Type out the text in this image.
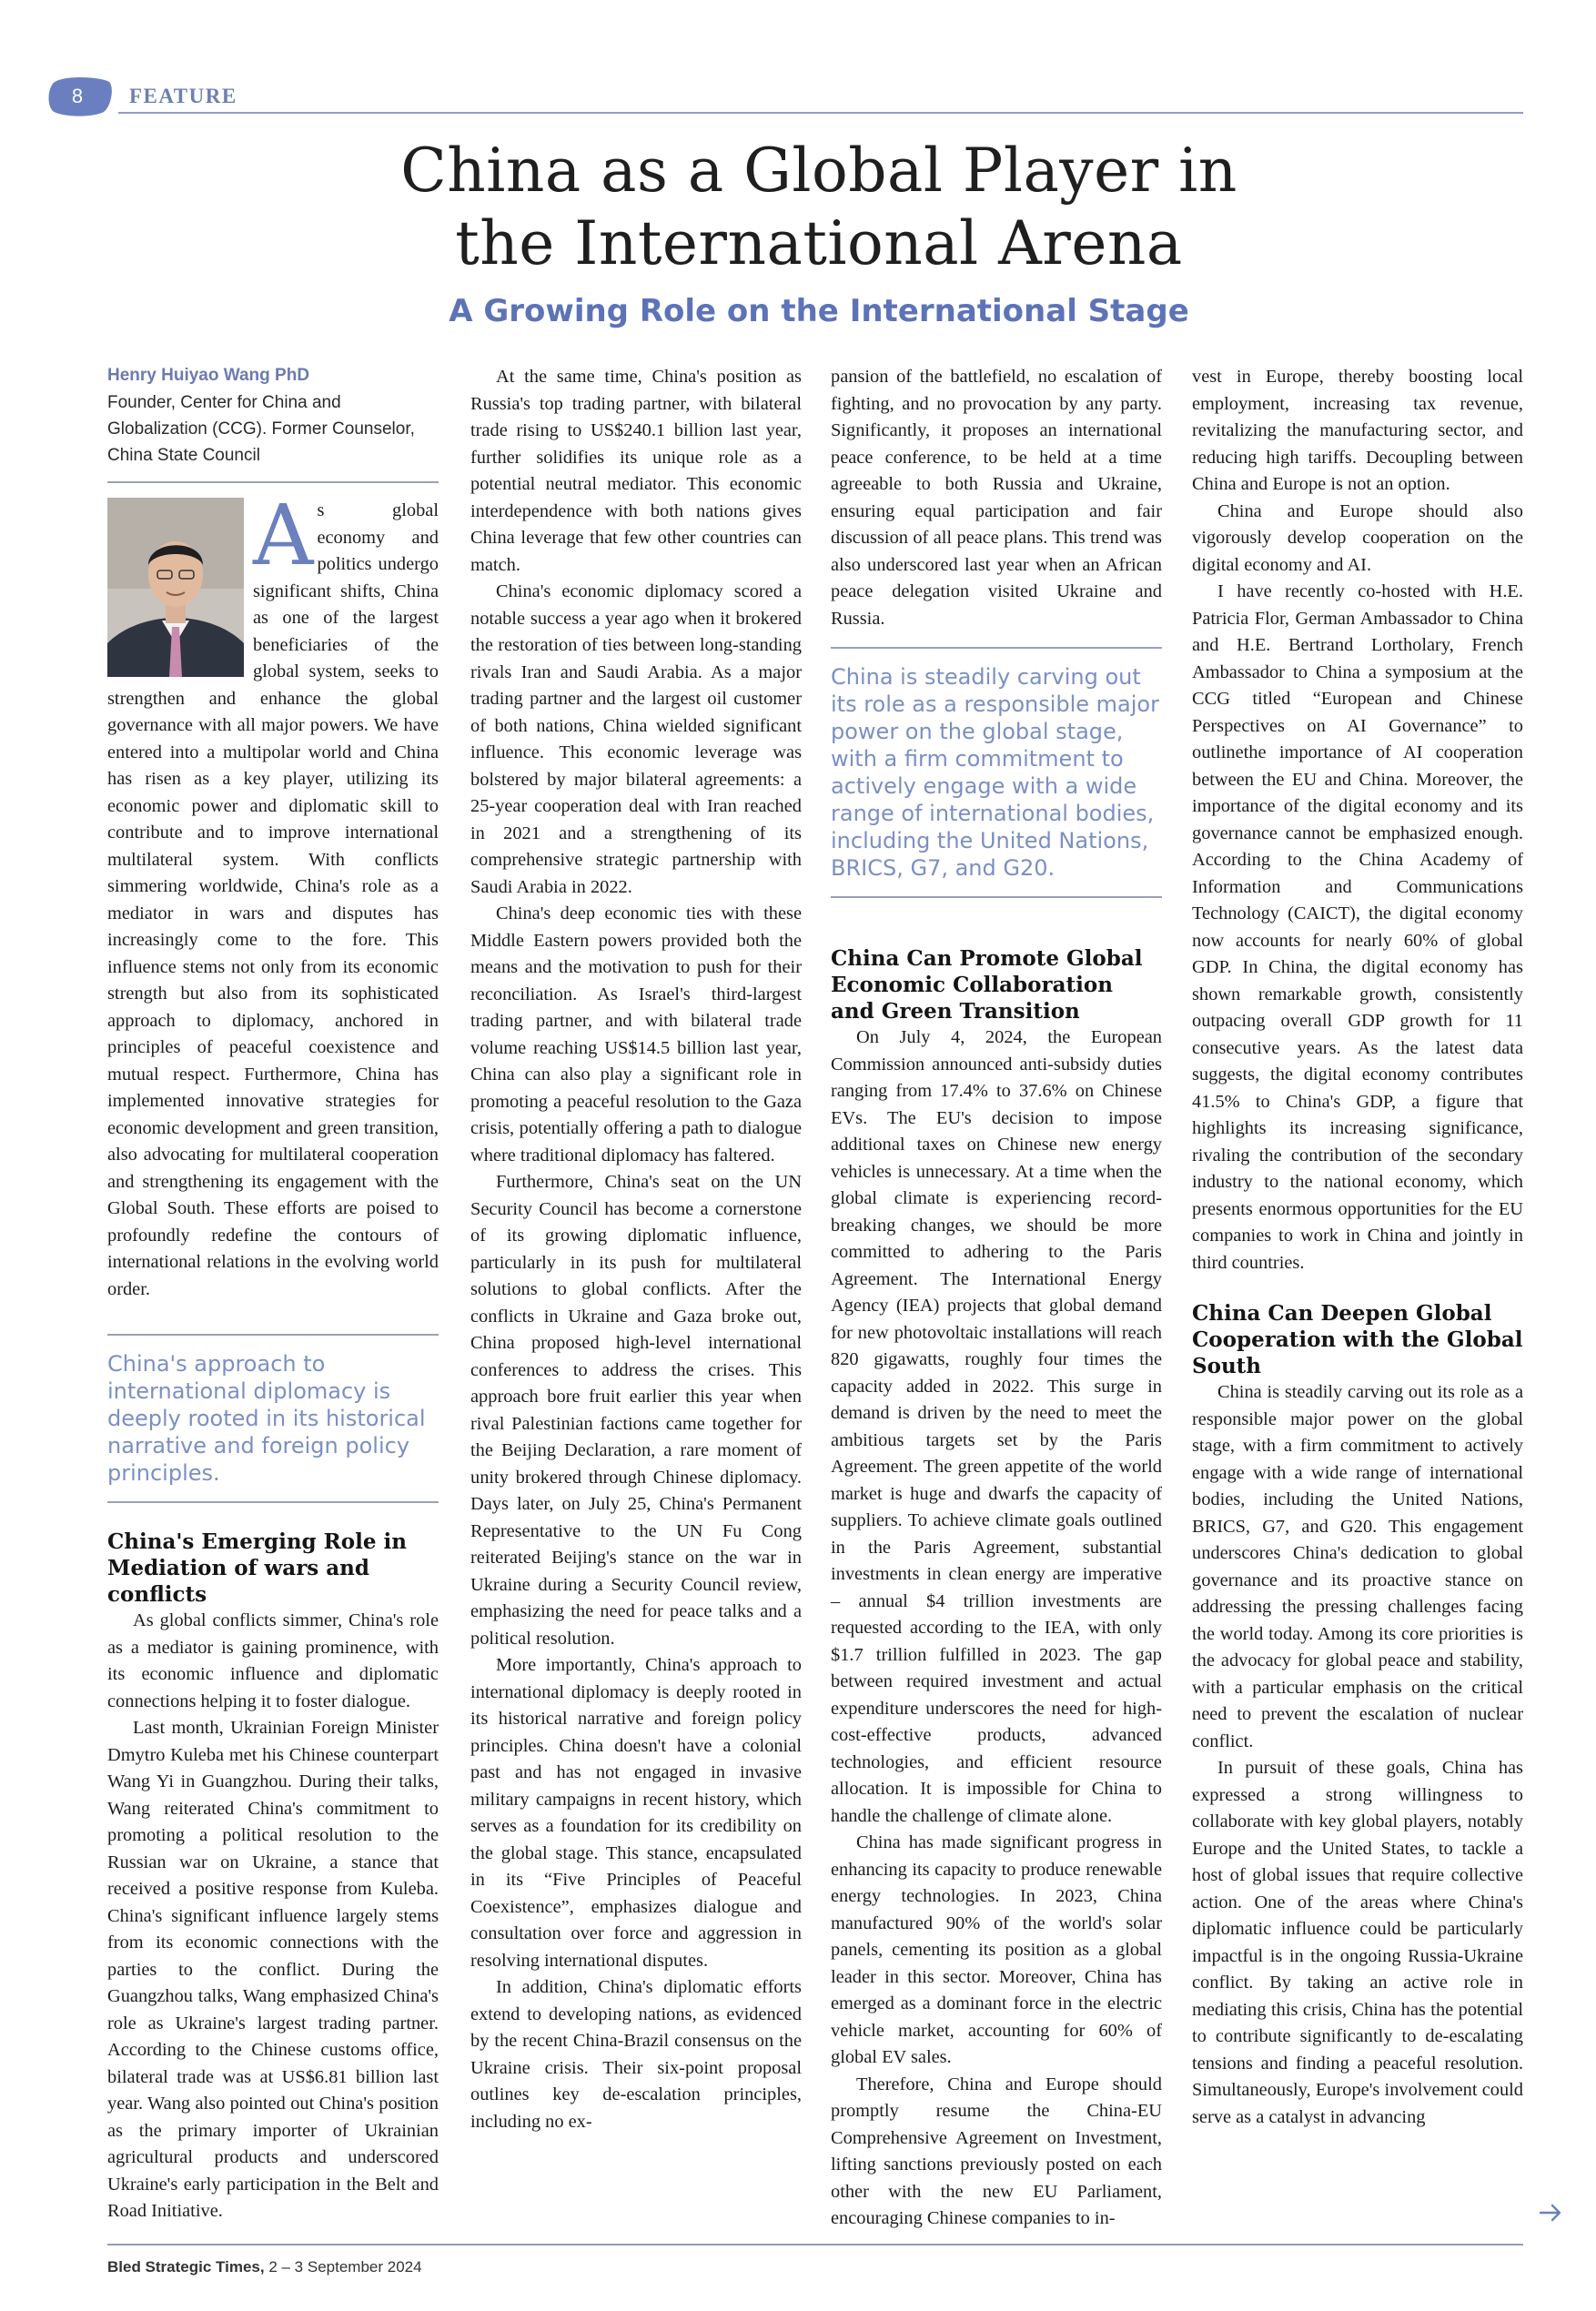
8	FEATURE
China as a Global Player in
the International Arena
A Growing Role on the International Stage
Henry Huiyao Wang PhD
Founder, Center for China and Globalization (CCG). Former Counselor, China State Council

As global economy and politics undergo significant shifts, China as one of the largest beneficiaries of the global system, seeks to strengthen and enhance the global governance with all major powers. We have entered into a multipolar world and China has risen as a key player, utilizing its economic power and diplomatic skill to contribute and to improve international multilateral system. With conflicts simmering worldwide, China's role as a mediator in wars and disputes has increasingly come to the fore. This influence stems not only from its economic strength but also from its sophisticated approach to diplomacy, anchored in principles of peaceful coexistence and mutual respect. Furthermore, China has implemented innovative strategies for economic development and green transition, also advocating for multilateral cooperation and strengthening its engagement with the Global South. These efforts are poised to profoundly redefine the contours of international relations in the evolving world order.

China's approach to international diplomacy is deeply rooted in its historical narrative and foreign policy principles.
China's Emerging Role in Mediation of wars and conflicts

As global conflicts simmer, China's role as a mediator is gaining prominence, with its economic influence and diplomatic connections helping it to foster dialogue.

Last month, Ukrainian Foreign Minister Dmytro Kuleba met his Chinese counterpart Wang Yi in Guangzhou. During their talks, Wang reiterated China's commitment to promoting a political resolution to the Russian war on Ukraine, a stance that received a positive response from Kuleba. China's significant influence largely stems from its economic connections with the parties to the conflict. During the Guangzhou talks, Wang emphasized China's role as Ukraine's largest trading partner. According to the Chinese customs office, bilateral trade was at US$6.81 billion last year. Wang also pointed out China's position as the primary importer of Ukrainian agricultural products and underscored Ukraine's early participation in the Belt and Road Initiative.

At the same time, China's position as Russia's top trading partner, with bilateral trade rising to US$240.1 billion last year, further solidifies its unique role as a potential neutral mediator. This economic interdependence with both nations gives China leverage that few other countries can match.

China's economic diplomacy scored a notable success a year ago when it brokered the restoration of ties between long-standing rivals Iran and Saudi Arabia. As a major trading partner and the largest oil customer of both nations, China wielded significant influence. This economic leverage was bolstered by major bilateral agreements: a 25-year cooperation deal with Iran reached in 2021 and a strengthening of its comprehensive strategic partnership with Saudi Arabia in 2022.

China's deep economic ties with these Middle Eastern powers provided both the means and the motivation to push for their reconciliation. As Israel's third-largest trading partner, and with bilateral trade volume reaching US$14.5 billion last year, China can also play a significant role in promoting a peaceful resolution to the Gaza crisis, potentially offering a path to dialogue where traditional diplomacy has faltered.

Furthermore, China's seat on the UN Security Council has become a cornerstone of its growing diplomatic influence, particularly in its push for multilateral solutions to global conflicts. After the conflicts in Ukraine and Gaza broke out, China proposed high-level international conferences to address the crises. This approach bore fruit earlier this year when rival Palestinian factions came together for the Beijing Declaration, a rare moment of unity brokered through Chinese diplomacy. Days later, on July 25, China's Permanent Representative to the UN Fu Cong reiterated Beijing's stance on the war in Ukraine during a Security Council review, emphasizing the need for peace talks and a political resolution.

More importantly, China's approach to international diplomacy is deeply rooted in its historical narrative and foreign policy principles. China doesn't have a colonial past and has not engaged in invasive military campaigns in recent history, which serves as a foundation for its credibility on the global stage. This stance, encapsulated in its “Five Principles of Peaceful Coexistence”, emphasizes dialogue and consultation over force and aggression in resolving international disputes.

In addition, China's diplomatic efforts extend to developing nations, as evidenced by the recent China-Brazil consensus on the Ukraine crisis. Their six-point proposal outlines key de-escalation principles, including no ex-

pansion of the battlefield, no escalation of fighting, and no provocation by any party. Significantly, it proposes an international peace conference, to be held at a time agreeable to both Russia and Ukraine, ensuring equal participation and fair discussion of all peace plans. This trend was also underscored last year when an African peace delegation visited Ukraine and Russia.

China is steadily carving out its role as a responsible major power on the global stage, with a firm commitment to actively engage with a wide range of international bodies, including the United Nations, BRICS, G7, and G20.
China Can Promote Global Economic Collaboration and Green Transition

On July 4, 2024, the European Commission announced anti-subsidy duties ranging from 17.4% to 37.6% on Chinese EVs. The EU's decision to impose additional taxes on Chinese new energy vehicles is unnecessary. At a time when the global climate is experiencing record-breaking changes, we should be more committed to adhering to the Paris Agreement. The International Energy Agency (IEA) projects that global demand for new photovoltaic installations will reach 820 gigawatts, roughly four times the capacity added in 2022. This surge in demand is driven by the need to meet the ambitious targets set by the Paris Agreement. The green appetite of the world market is huge and dwarfs the capacity of suppliers. To achieve climate goals outlined in the Paris Agreement, substantial investments in clean energy are imperative – annual $4 trillion investments are requested according to the IEA, with only $1.7 trillion fulfilled in 2023. The gap between required investment and actual expenditure underscores the need for high-cost-effective products, advanced technologies, and efficient resource allocation. It is impossible for China to handle the challenge of climate alone.

China has made significant progress in enhancing its capacity to produce renewable energy technologies. In 2023, China manufactured 90% of the world's solar panels, cementing its position as a global leader in this sector. Moreover, China has emerged as a dominant force in the electric vehicle market, accounting for 60% of global EV sales.

Therefore, China and Europe should promptly resume the China-EU Comprehensive Agreement on Investment, lifting sanctions previously posted on each other with the new EU Parliament, encouraging Chinese companies to in-

vest in Europe, thereby boosting local employment, increasing tax revenue, revitalizing the manufacturing sector, and reducing high tariffs. Decoupling between China and Europe is not an option.

China and Europe should also vigorously develop cooperation on the digital economy and AI.

I have recently co-hosted with H.E. Patricia Flor, German Ambassador to China and H.E. Bertrand Lortholary, French Ambassador to China a symposium at the CCG titled “European and Chinese Perspectives on AI Governance” to outlinethe importance of AI cooperation between the EU and China. Moreover, the importance of the digital economy and its governance cannot be emphasized enough. According to the China Academy of Information and Communications Technology (CAICT), the digital economy now accounts for nearly 60% of global GDP. In China, the digital economy has shown remarkable growth, consistently outpacing overall GDP growth for 11 consecutive years. As the latest data suggests, the digital economy contributes 41.5% to China's GDP, a figure that highlights its increasing significance, rivaling the contribution of the secondary industry to the national economy, which presents enormous opportunities for the EU companies to work in China and jointly in third countries.

China Can Deepen Global Cooperation with the Global South

China is steadily carving out its role as a responsible major power on the global stage, with a firm commitment to actively engage with a wide range of international bodies, including the United Nations, BRICS, G7, and G20. This engagement underscores China's dedication to global governance and its proactive stance on addressing the pressing challenges facing the world today. Among its core priorities is the advocacy for global peace and stability, with a particular emphasis on the critical need to prevent the escalation of nuclear conflict.

In pursuit of these goals, China has expressed a strong willingness to collaborate with key global players, notably Europe and the United States, to tackle a host of global issues that require collective action. One of the areas where China's diplomatic influence could be particularly impactful is in the ongoing Russia-Ukraine conflict. By taking an active role in mediating this crisis, China has the potential to contribute significantly to de-escalating tensions and finding a peaceful resolution. Simultaneously, Europe's involvement could serve as a catalyst in advancing

Bled Strategic Times, 2 – 3 September 2024
